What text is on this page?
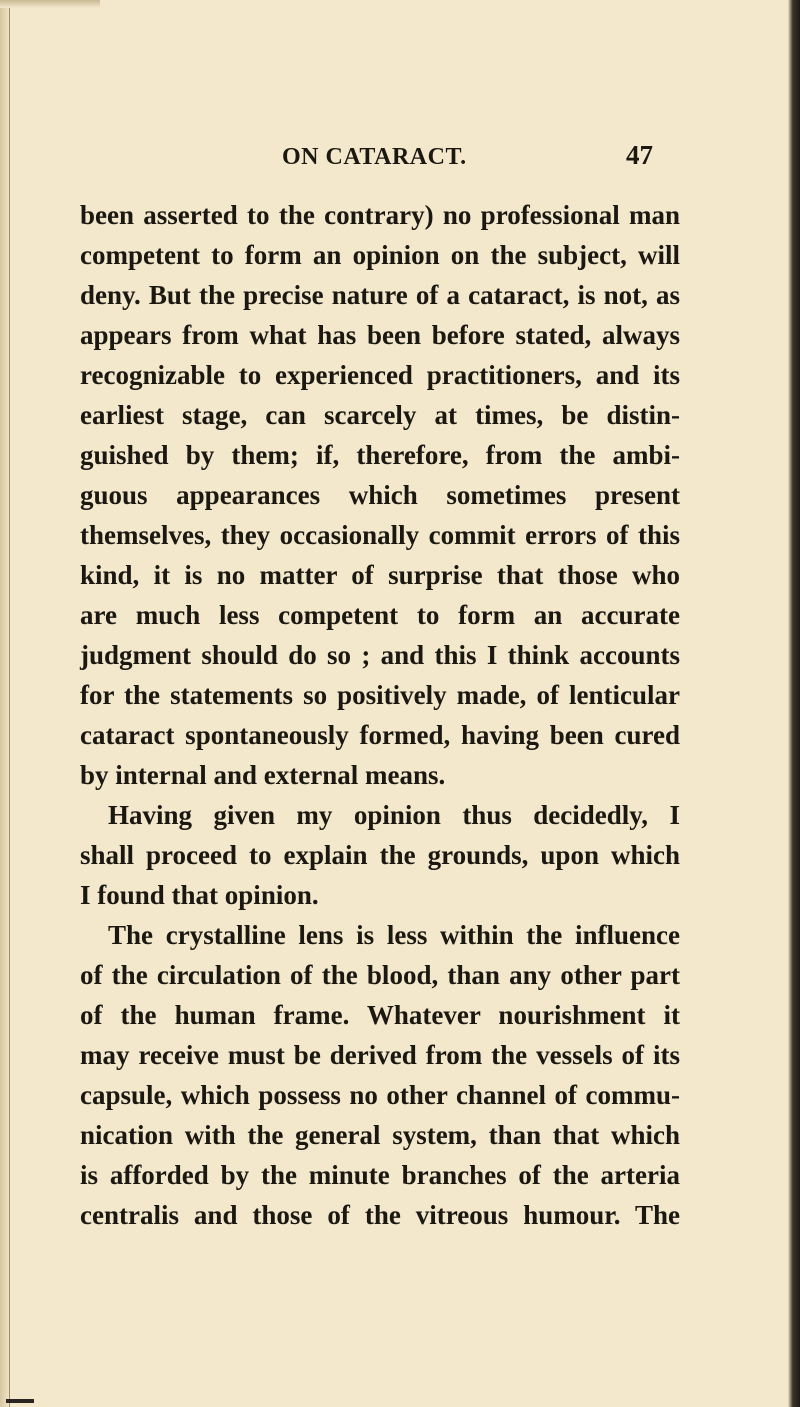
ON CATARACT.	47
been asserted to the contrary) no professional man
competent to form an opinion on the subject, will
deny. But the precise nature of a cataract, is not, as
appears from what has been before stated, always
recognizable to experienced practitioners, and its
earliest stage, can scarcely at times, be distin-
guished by them; if, therefore, from the ambi-
guous appearances which sometimes present
themselves, they occasionally commit errors of this
kind, it is no matter of surprise that those who
are much less competent to form an accurate
judgment should do so ; and this I think accounts
for the statements so positively made, of lenticular
cataract spontaneously formed, having been cured
by internal and external means.
Having given my opinion thus decidedly, I
shall proceed to explain the grounds, upon which
I found that opinion.
The crystalline lens is less within the influence
of the circulation of the blood, than any other part
of the human frame. Whatever nourishment it
may receive must be derived from the vessels of its
capsule, which possess no other channel of commu-
nication with the general system, than that which
is afforded by the minute branches of the arteria
centralis and those of the vitreous humour. The
